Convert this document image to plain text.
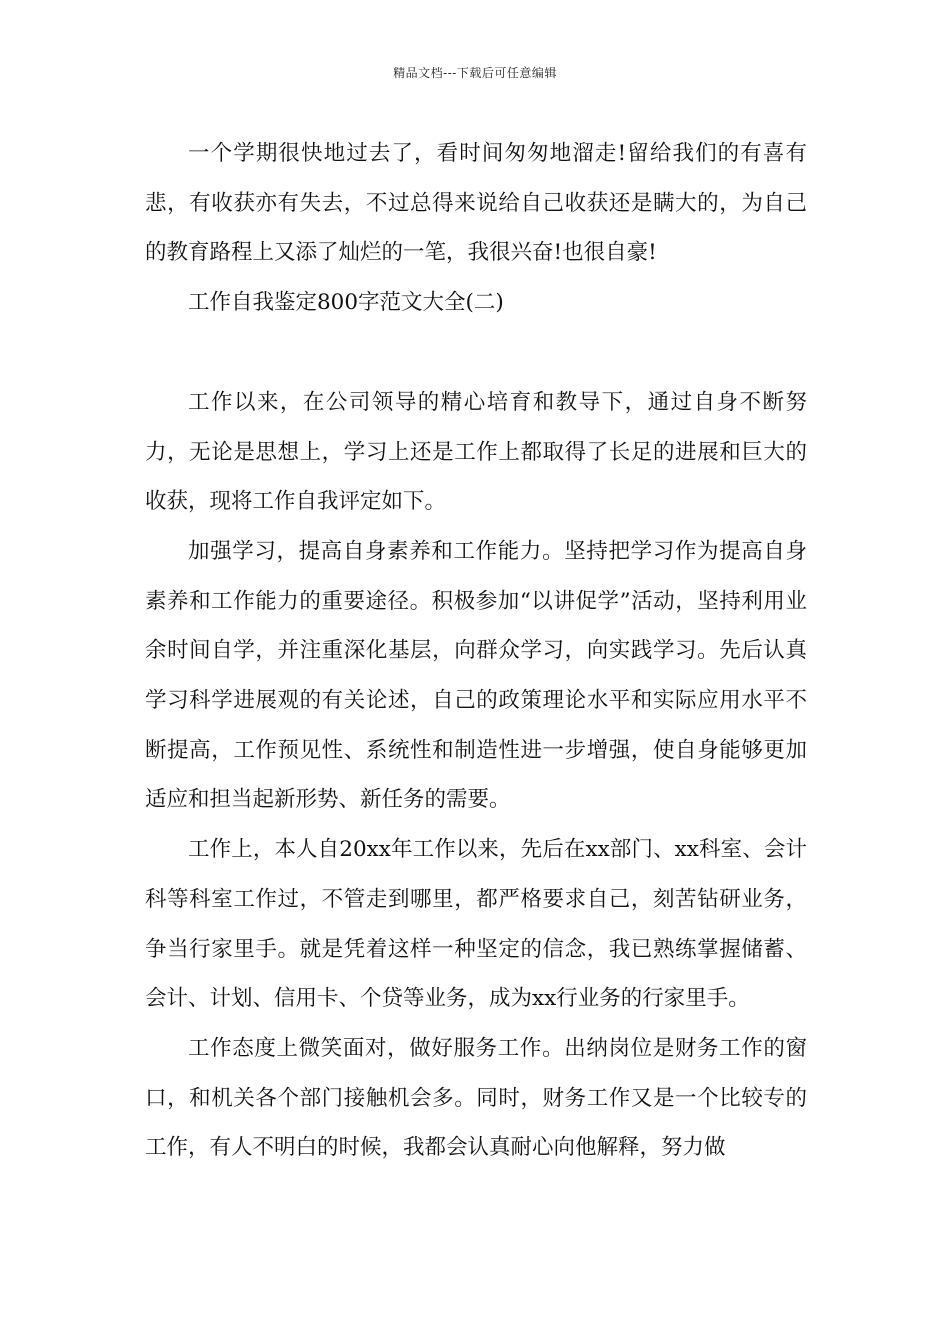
精品文档---下载后可任意编辑

一个学期很快地过去了，看时间匆匆地溜走!留给我们的有喜有悲，有收获亦有失去，不过总得来说给自己收获还是瞒大的，为自己的教育路程上又添了灿烂的一笔，我很兴奋!也很自豪!

工作自我鉴定800字范文大全(二)

工作以来，在公司领导的精心培育和教导下，通过自身不断努力，无论是思想上，学习上还是工作上都取得了长足的进展和巨大的收获，现将工作自我评定如下。

加强学习，提高自身素养和工作能力。坚持把学习作为提高自身素养和工作能力的重要途径。积极参加“以讲促学”活动，坚持利用业余时间自学，并注重深化基层，向群众学习，向实践学习。先后认真学习科学进展观的有关论述，自己的政策理论水平和实际应用水平不断提高，工作预见性、系统性和制造性进一步增强，使自身能够更加适应和担当起新形势、新任务的需要。

工作上，本人自20xx年工作以来，先后在xx部门、xx科室、会计科等科室工作过，不管走到哪里，都严格要求自己，刻苦钻研业务，争当行家里手。就是凭着这样一种坚定的信念，我已熟练掌握储蓄、会计、计划、信用卡、个贷等业务，成为xx行业务的行家里手。

工作态度上微笑面对，做好服务工作。出纳岗位是财务工作的窗口，和机关各个部门接触机会多。同时，财务工作又是一个比较专的工作，有人不明白的时候，我都会认真耐心向他解释，努力做
